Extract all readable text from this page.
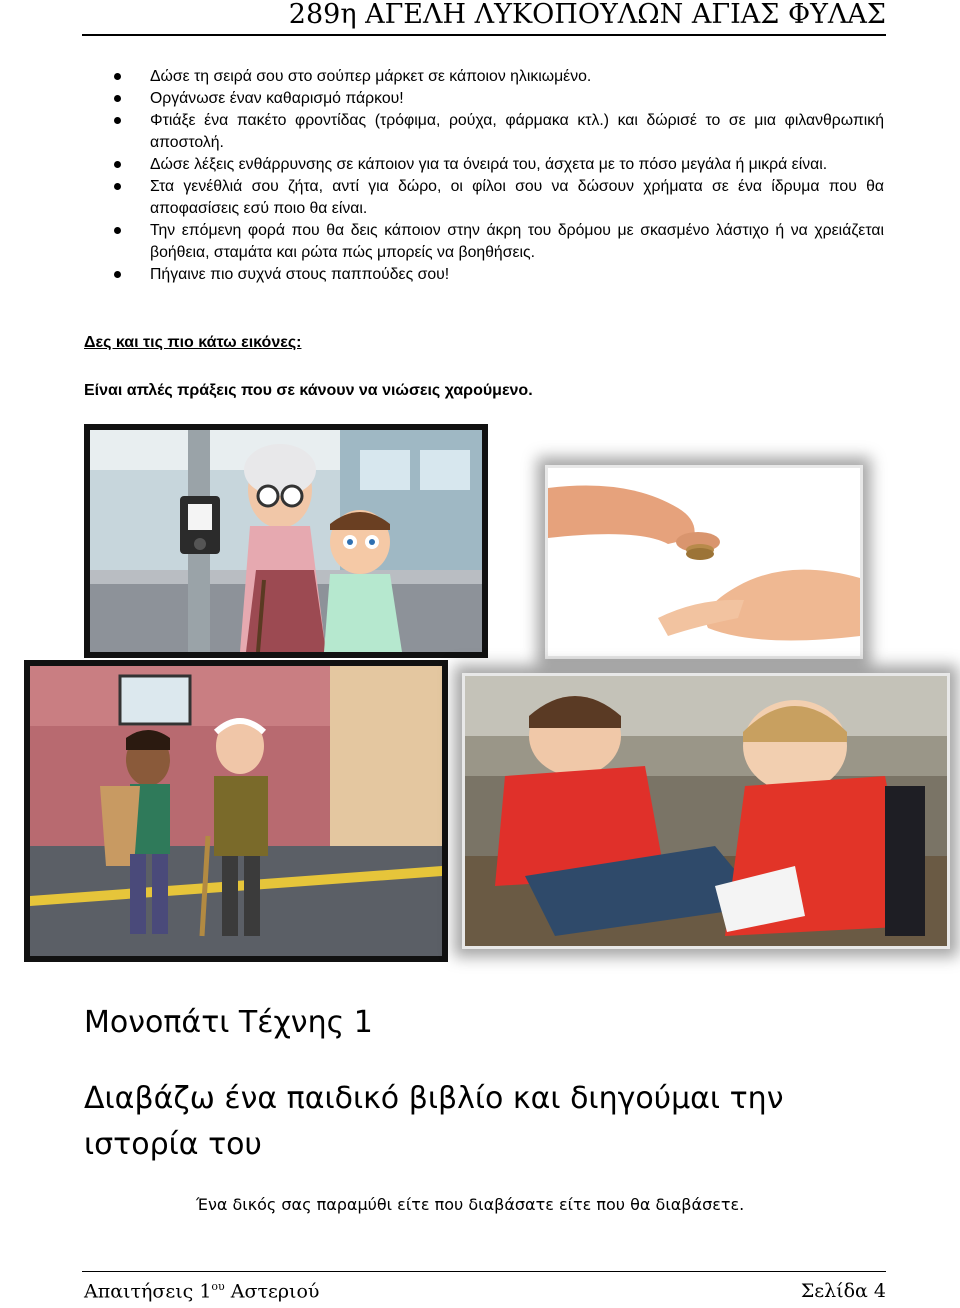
289η ΑΓΕΛΗ ΛΥΚΟΠΟΥΛΩΝ ΑΓΙΑΣ ΦΥΛΑΣ
Δώσε τη σειρά σου στο σούπερ μάρκετ σε κάποιον ηλικιωμένο.
Οργάνωσε έναν καθαρισμό πάρκου!
Φτιάξε ένα πακέτο φροντίδας (τρόφιμα, ρούχα, φάρμακα κτλ.) και δώρισέ το σε μια φιλανθρωπική αποστολή.
Δώσε λέξεις ενθάρρυνσης σε κάποιον για τα όνειρά του, άσχετα με το πόσο μεγάλα ή μικρά είναι.
Στα γενέθλιά σου ζήτα, αντί για δώρο, οι φίλοι σου να δώσουν χρήματα σε ένα ίδρυμα που θα αποφασίσεις εσύ ποιο θα είναι.
Την επόμενη φορά που θα δεις κάποιον στην άκρη του δρόμου με σκασμένο λάστιχο ή να χρειάζεται βοήθεια, σταμάτα και ρώτα πώς μπορείς να βοηθήσεις.
Πήγαινε πιο συχνά στους παππούδες σου!
Δες και τις πιο κάτω εικόνες:
Είναι απλές πράξεις που σε κάνουν να νιώσεις χαρούμενο.
Μονοπάτι Τέχνης 1
Διαβάζω ένα παιδικό βιβλίο και διηγούμαι την ιστορία του
Ένα δικός σας παραμύθι είτε που διαβάσατε είτε που θα διαβάσετε.
Απαιτήσεις $1^{o\upsilon}$ Αστεριού	Σελίδα 4
